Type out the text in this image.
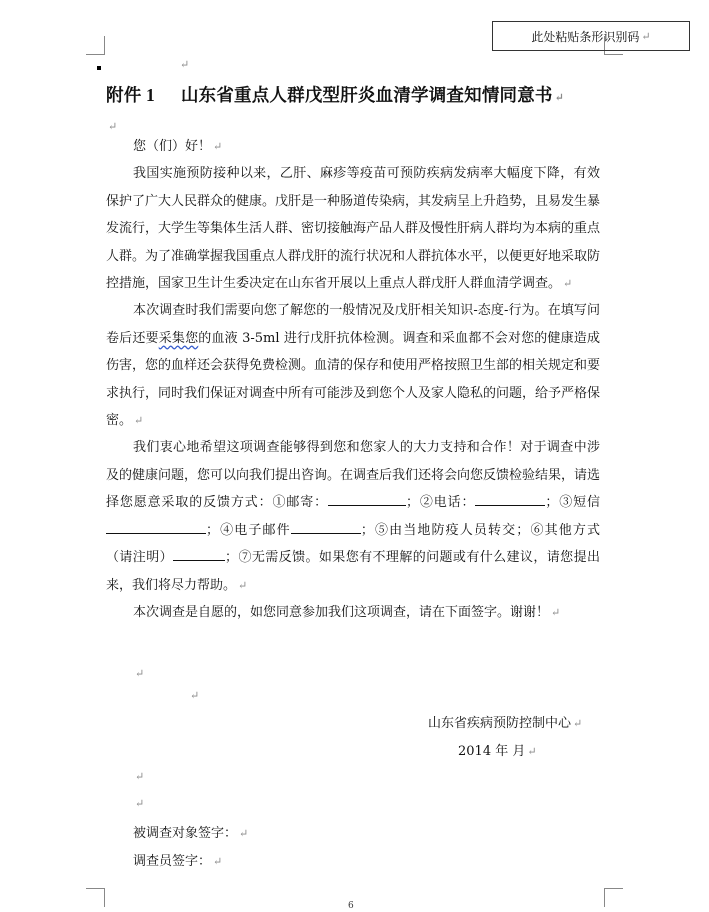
此处粘贴条形识别码 ↵
↵
附件 1 山东省重点人群戊型肝炎血清学调查知情同意书 ↵
↵

您（们）好！ ↵

我国实施预防接种以来，乙肝、麻疹等疫苗可预防疾病发病率大幅度下降，有效保护了广大人民群众的健康。戊肝是一种肠道传染病，其发病呈上升趋势，且易发生暴发流行，大学生等集体生活人群、密切接触海产品人群及慢性肝病人群均为本病的重点人群。为了准确掌握我国重点人群戊肝的流行状况和人群抗体水平，以便更好地采取防控措施，国家卫生计生委决定在山东省开展以上重点人群戊肝人群血清学调查。 ↵

本次调查时我们需要向您了解您的一般情况及戊肝相关知识-态度-行为。在填写问卷后还要采集您的血液 3-5ml 进行戊肝抗体检测。调查和采血都不会对您的健康造成伤害，您的血样还会获得免费检测。血清的保存和使用严格按照卫生部的相关规定和要求执行，同时我们保证对调查中所有可能涉及到您个人及家人隐私的问题，给予严格保密。 ↵

我们衷心地希望这项调查能够得到您和您家人的大力支持和合作！对于调查中涉及的健康问题，您可以向我们提出咨询。在调查后我们还将会向您反馈检验结果，请选择您愿意采取的反馈方式：①邮寄：	；②电话：	；③短信；④电子邮件	；⑤由当地防疫人员转交；⑥其他方式（请注明）	；⑦无需反馈。如果您有不理解的问题或有什么建议，请您提出来，我们将尽力帮助。 ↵

本次调查是自愿的，如您同意参加我们这项调查，请在下面签字。谢谢！ ↵

↵
↵
山东省疾病预防控制中心 ↵
2014 年 月 ↵
↵
↵
被调查对象签字： ↵
调查员签字： ↵
6
